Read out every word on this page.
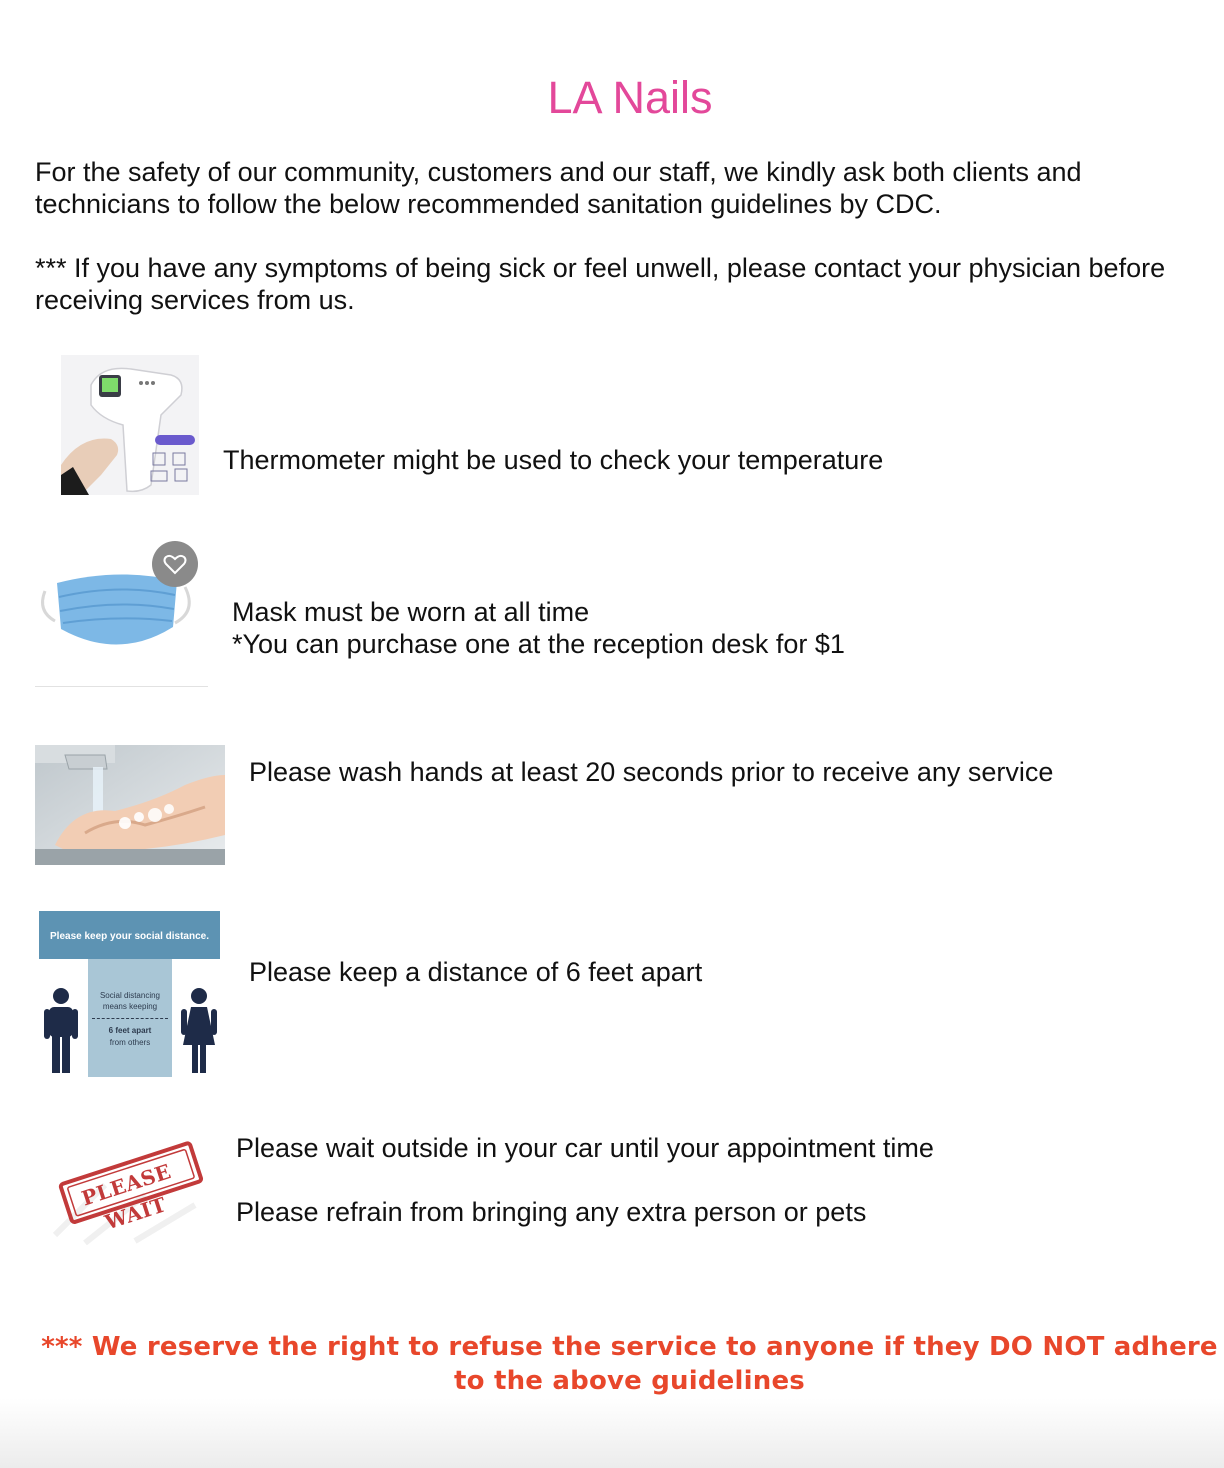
LA Nails

For the safety of our community, customers and our staff, we kindly ask both clients and technicians to follow the below recommended sanitation guidelines by CDC.

*** If you have any symptoms of being sick or feel unwell, please contact your physician before receiving services from us.

Thermometer might be used to check your temperature

Mask must be worn at all time

*You can purchase one at the reception desk for $1

Please wash hands at least 20 seconds prior to receive any service

Please keep your social distance.
Social distancing
means keeping
6 feet apart
from others

Please keep a distance of 6 feet apart

PLEASE WAIT

Please wait outside in your car until your appointment time

Please refrain from bringing any extra person or pets

*** We reserve the right to refuse the service to anyone if they DO NOT adhere to the above guidelines
